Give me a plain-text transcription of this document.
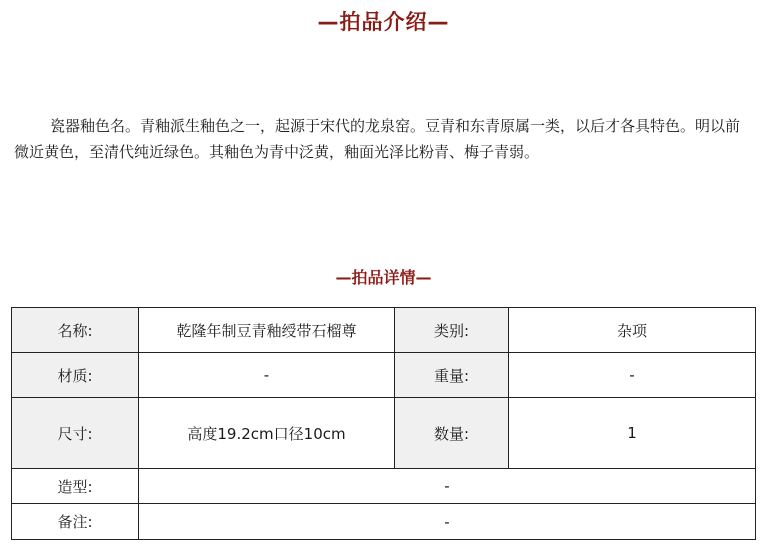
—拍品介绍—

瓷器釉色名。青釉派生釉色之一，起源于宋代的龙泉窑。豆青和东青原属一类，以后才各具特色。明以前微近黄色，至清代纯近绿色。其釉色为青中泛黄，釉面光泽比粉青、梅子青弱。

—拍品详情—
名称:	乾隆年制豆青釉绶带石榴尊	类别:	杂项
材质:	-	重量:	-
尺寸:	高度19.2cm口径10cm	数量:	1
造型:	-		
备注:	-		
